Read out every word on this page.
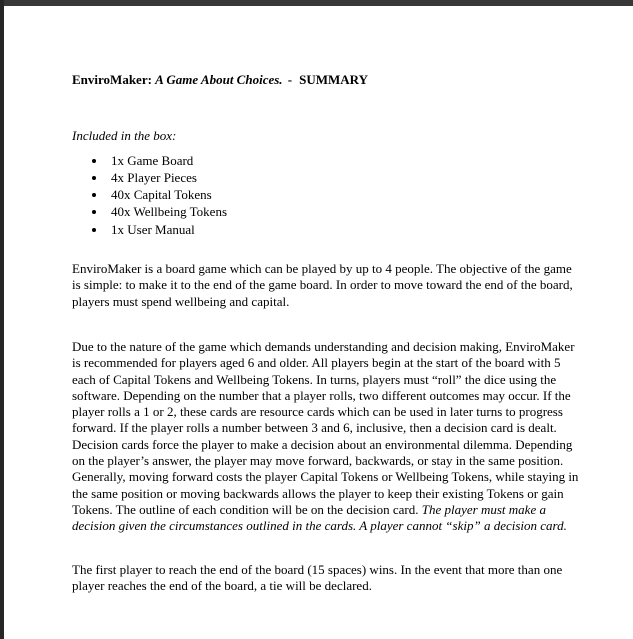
EnviroMaker: A Game About Choices. - SUMMARY

Included in the box:

• 1x Game Board
• 4x Player Pieces
• 40x Capital Tokens
• 40x Wellbeing Tokens
• 1x User Manual

EnviroMaker is a board game which can be played by up to 4 people. The objective of the game is simple: to make it to the end of the game board. In order to move toward the end of the board, players must spend wellbeing and capital.

Due to the nature of the game which demands understanding and decision making, EnviroMaker is recommended for players aged 6 and older. All players begin at the start of the board with 5 each of Capital Tokens and Wellbeing Tokens. In turns, players must “roll” the dice using the software. Depending on the number that a player rolls, two different outcomes may occur. If the player rolls a 1 or 2, these cards are resource cards which can be used in later turns to progress forward. If the player rolls a number between 3 and 6, inclusive, then a decision card is dealt. Decision cards force the player to make a decision about an environmental dilemma. Depending on the player’s answer, the player may move forward, backwards, or stay in the same position. Generally, moving forward costs the player Capital Tokens or Wellbeing Tokens, while staying in the same position or moving backwards allows the player to keep their existing Tokens or gain Tokens. The outline of each condition will be on the decision card. The player must make a decision given the circumstances outlined in the cards. A player cannot “skip” a decision card.

The first player to reach the end of the board (15 spaces) wins. In the event that more than one player reaches the end of the board, a tie will be declared.
